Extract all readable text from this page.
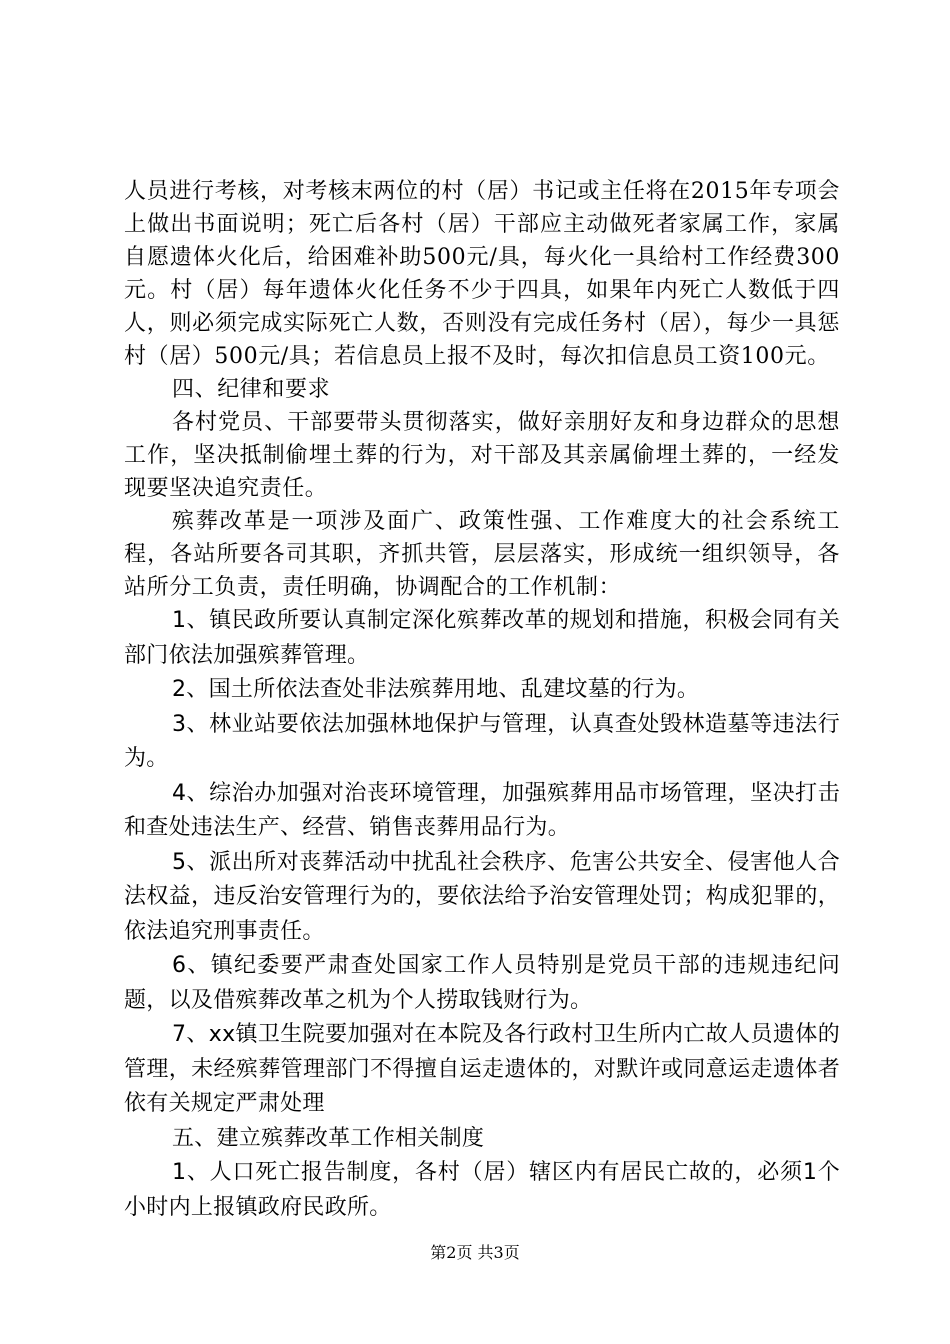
人员进行考核，对考核末两位的村（居）书记或主任将在2015年专项会上做出书面说明；死亡后各村（居）干部应主动做死者家属工作，家属自愿遗体火化后，给困难补助500元/具，每火化一具给村工作经费300元。村（居）每年遗体火化任务不少于四具，如果年内死亡人数低于四人，则必须完成实际死亡人数，否则没有完成任务村（居），每少一具惩村（居）500元/具；若信息员上报不及时，每次扣信息员工资100元。

四、纪律和要求

各村党员、干部要带头贯彻落实，做好亲朋好友和身边群众的思想工作，坚决抵制偷埋土葬的行为，对干部及其亲属偷埋土葬的，一经发现要坚决追究责任。

殡葬改革是一项涉及面广、政策性强、工作难度大的社会系统工程，各站所要各司其职，齐抓共管，层层落实，形成统一组织领导，各站所分工负责，责任明确，协调配合的工作机制：

1、镇民政所要认真制定深化殡葬改革的规划和措施，积极会同有关部门依法加强殡葬管理。

2、国土所依法查处非法殡葬用地、乱建坟墓的行为。

3、林业站要依法加强林地保护与管理，认真查处毁林造墓等违法行为。

4、综治办加强对治丧环境管理，加强殡葬用品市场管理，坚决打击和查处违法生产、经营、销售丧葬用品行为。

5、派出所对丧葬活动中扰乱社会秩序、危害公共安全、侵害他人合法权益，违反治安管理行为的，要依法给予治安管理处罚；构成犯罪的，依法追究刑事责任。

6、镇纪委要严肃查处国家工作人员特别是党员干部的违规违纪问题，以及借殡葬改革之机为个人捞取钱财行为。

7、xx镇卫生院要加强对在本院及各行政村卫生所内亡故人员遗体的管理，未经殡葬管理部门不得擅自运走遗体的，对默许或同意运走遗体者依有关规定严肃处理

五、建立殡葬改革工作相关制度

1、人口死亡报告制度，各村（居）辖区内有居民亡故的，必须1个小时内上报镇政府民政所。

第2页 共3页
